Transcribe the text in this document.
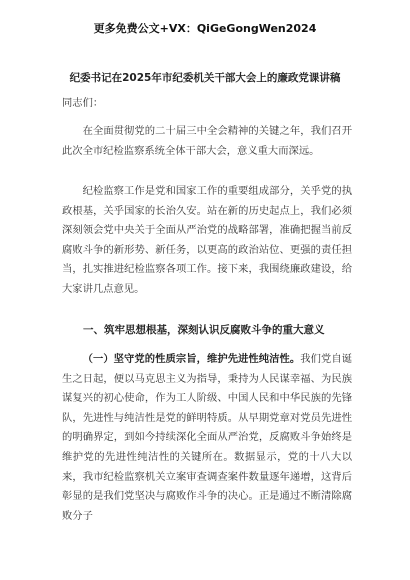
更多免费公文+VX：QiGeGongWen2024
纪委书记在2025年市纪委机关干部大会上的廉政党课讲稿
同志们：
在全面贯彻党的二十届三中全会精神的关键之年，我们召开此次全市纪检监察系统全体干部大会，意义重大而深远。
纪检监察工作是党和国家工作的重要组成部分，关乎党的执政根基，关乎国家的长治久安。站在新的历史起点上，我们必须深刻领会党中央关于全面从严治党的战略部署，准确把握当前反腐败斗争的新形势、新任务，以更高的政治站位、更强的责任担当，扎实推进纪检监察各项工作。接下来，我围绕廉政建设，给大家讲几点意见。
一、筑牢思想根基，深刻认识反腐败斗争的重大意义
（一）坚守党的性质宗旨，维护先进性纯洁性。我们党自诞生之日起，便以马克思主义为指导，秉持为人民谋幸福、为民族谋复兴的初心使命，作为工人阶级、中国人民和中华民族的先锋队，先进性与纯洁性是党的鲜明特质。从早期党章对党员先进性的明确界定，到如今持续深化全面从严治党，反腐败斗争始终是维护党的先进性纯洁性的关键所在。数据显示，党的十八大以来，我市纪检监察机关立案审查调查案件数量逐年递增，这背后彰显的是我们党坚决与腐败作斗争的决心。正是通过不断清除腐败分子
